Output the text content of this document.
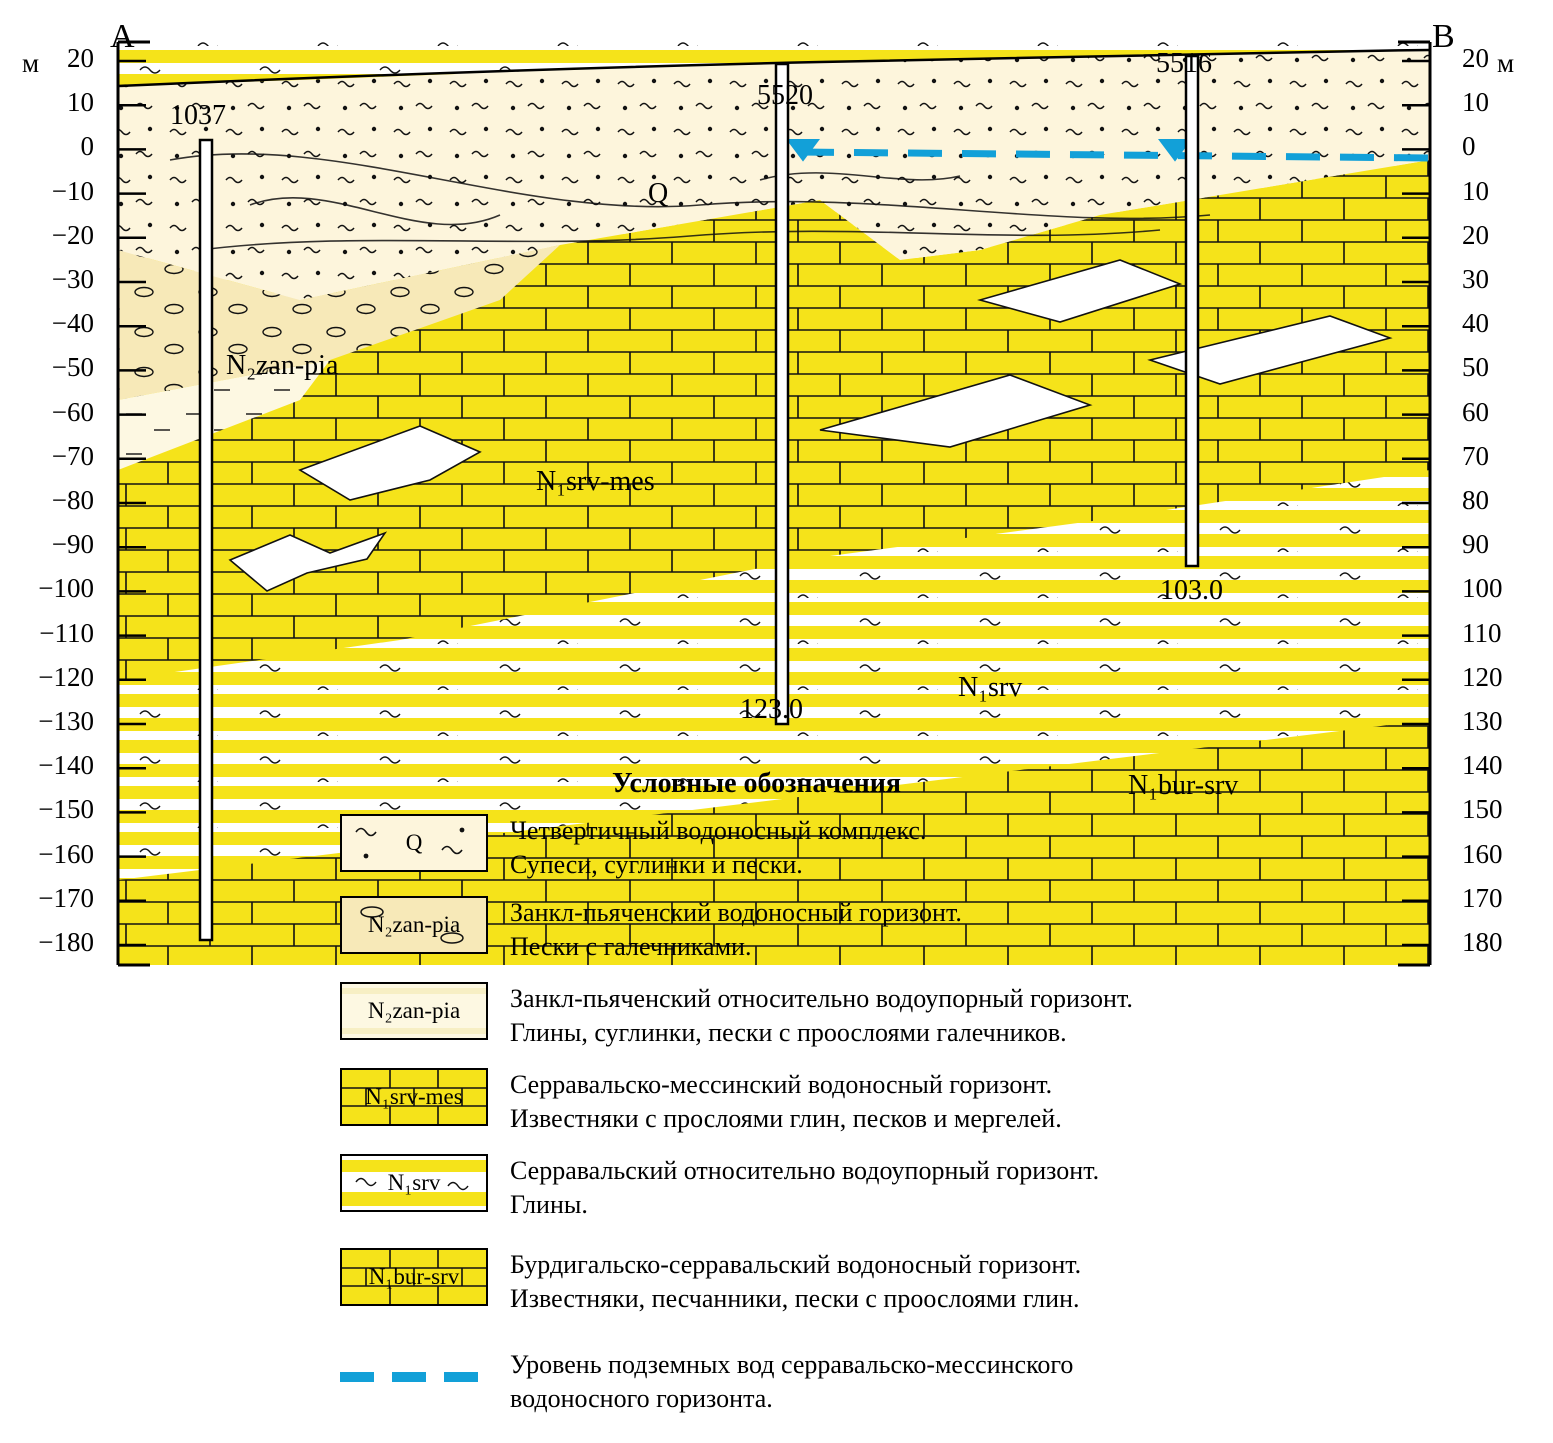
м	м
A	B
20
10
0
−10
−20
−30
−40
−50
−60
−70
−80
−90
−100
−110
−120
−130
−140
−150
−160
−170
−180
20
10
0
10
20
30
40
50
60
70
80
90
100
110
120
130
140
150
160
170
180
1037
5520
5516
123.0
103.0
Q
N₂zan-pia
N₁srv-mes
N₁srv
N₁bur-srv
Условные обозначения
Q	Четвертичный водоносный комплекс.
Супеси, суглинки и пески.
N₂zan-pia	Занкл-пьяченский водоносный горизонт.
Пески с галечниками.
N₂zan-pia	Занкл-пьяченский относительно водоупорный горизонт.
Глины, суглинки, пески с проослоями галечников.
N₁srv-mes	Серравальско-мессинский водоносный горизонт.
Известняки с прослоями глин, песков и мергелей.
N₁srv	Серравальский относительно водоупорный горизонт.
Глины.
N₁bur-srv	Бурдигальско-серравальский водоносный горизонт.
Известняки, песчанники, пески с проослоями глин.
Уровень подземных вод серравальско-мессинского
водоносного горизонта.
